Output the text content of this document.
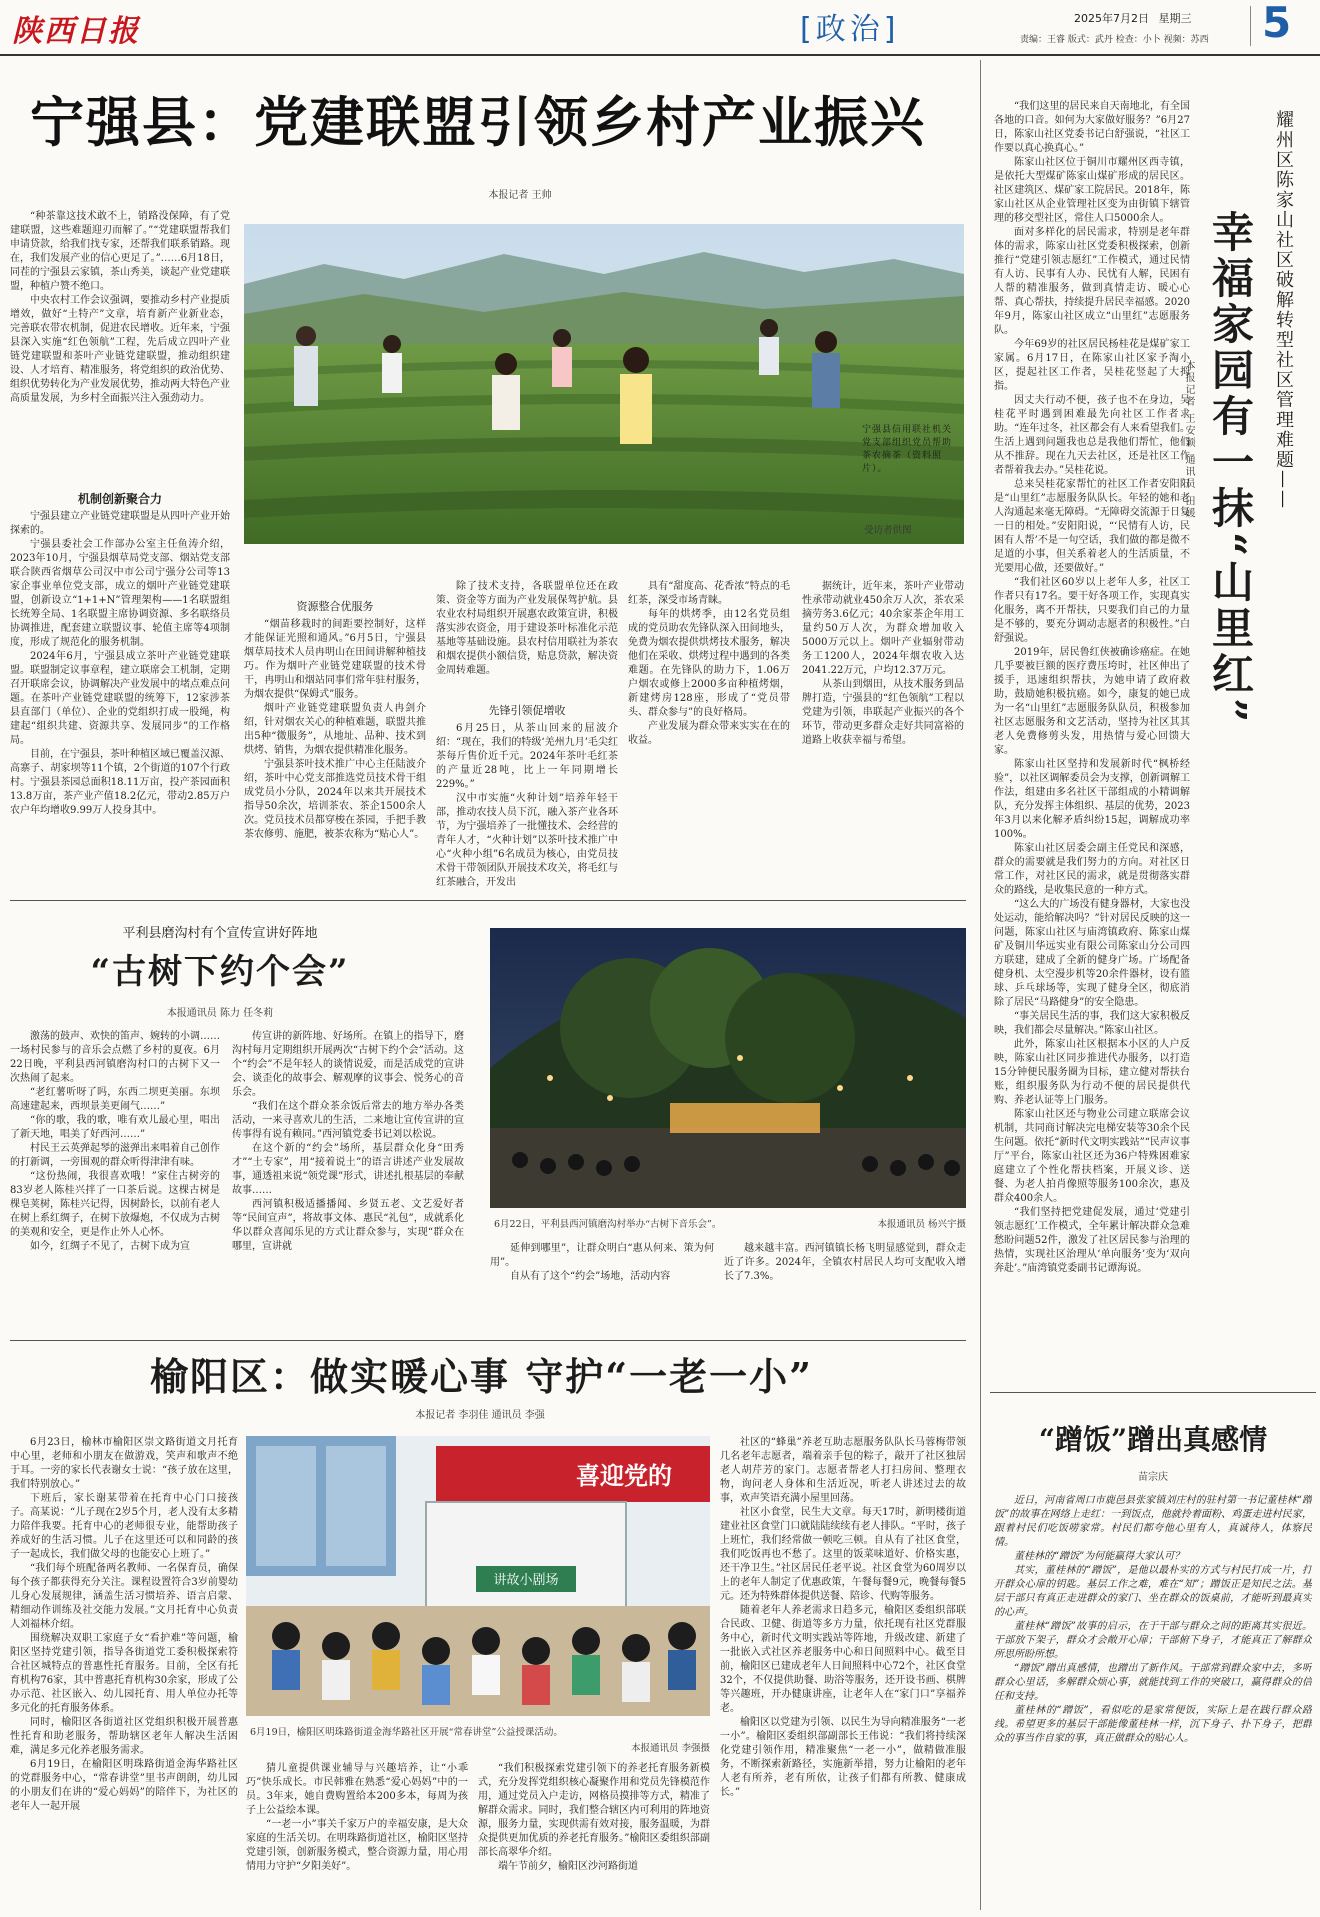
陕西日报	[政治]	2025年7月2日 星期三
责编：王睿 版式：武丹 检查：小卜 视频：苏西 5
宁强县：党建联盟引领乡村产业振兴
本报记者 王帅

“种茶靠这技术敢不上，销路没保障，有了党建联盟，这些难题迎刃而解了。”“党建联盟帮我们申请贷款，给我们找专家，还帮我们联系销路。现在，我们发展产业的信心更足了。”……6月18日，同茬的宁强县云家镇，茶山秀美，谈起产业党建联盟，种植户赞不绝口。

中央农村工作会议强调，要推动乡村产业提质增效，做好“土特产”文章，培育新产业新业态，完善联农带农机制，促进农民增收。近年来，宁强县深入实施“红色领航”工程，先后成立四叶产业链党建联盟和茶叶产业链党建联盟，推动组织建设、人才培育、精准服务，将党组织的政治优势、组织优势转化为产业发展优势，推动两大特色产业高质量发展，为乡村全面振兴注入强劲动力。

机制创新聚合力

宁强县建立产业链党建联盟是从四叶产业开始探索的。

宁强县委社会工作部办公室主任鱼涛介绍，2023年10月，宁强县烟草局党支部、烟站党支部联合陕西省烟草公司汉中市公司宁强分公司等13家企事业单位党支部，成立的烟叶产业链党建联盟，创新设立“1+1+N”管理架构——1名联盟组长统筹全局、1名联盟主席协调资源、多名联络员协调推进，配套建立联盟议事、轮值主席等4项制度，形成了规范化的服务机制。

2024年6月，宁强县成立茶叶产业链党建联盟。联盟制定议事章程，建立联席会工机制，定期召开联席会议，协调解决产业发展中的堵点难点问题。在茶叶产业链党建联盟的统筹下，12家涉茶县直部门（单位）、企业的党组织打成一股绳，构建起“组织共建、资源共享、发展同步”的工作格局。

目前，在宁强县，茶叶种植区域已覆盖汉源、高寨子、胡家坝等11个镇，2个街道的107个行政村。宁强县茶园总面积18.11万亩，投产茶园面积13.8万亩，茶产业产值18.2亿元，带动2.85万户农户年均增收9.99万人投身其中。

宁强县信用联社机关党支部组织党员帮助茶农摘茶（资料照片）。
受访者供图
资源整合优服务

“烟苗移栽时的间距要控制好，这样才能保证光照和通风。”6月5日，宁强县烟草局技术人员冉明山在田间讲解种植技巧。作为烟叶产业链党建联盟的技术骨干，冉明山和烟站同事们常年驻村服务，为烟农提供“保姆式”服务。

烟叶产业链党建联盟负责人冉剑介绍，针对烟农关心的种植难题，联盟共推出5种“微服务”，从地址、品种、技术到烘烤、销售，为烟农提供精准化服务。

宁强县茶叶技术推广中心主任陆波介绍，茶叶中心党支部推选党员技术骨干组成党员小分队，2024年以来共开展技术指导50余次，培训茶农、茶企1500余人次。党员技术员都穿梭在茶园，手把手教茶农修剪、施肥，被茶农称为“贴心人”。

除了技术支持，各联盟单位还在政策、资金等方面为产业发展保驾护航。县农业农村局组织开展惠农政策宣讲，积极落实涉农资金，用于建设茶叶标准化示范基地等基础设施。县农村信用联社为茶农和烟农提供小额信贷，贴息贷款，解决资金周转难题。

先锋引领促增收

6月25日，从茶山回来的屈波介绍：“现在，我们的特级‘羌州九月’毛尖红茶每斤售价近千元。2024年茶叶毛红茶的产量近28吨，比上一年同期增长229%。”

汉中市实施“火种计划”培养年轻干部，推动农技人员下沉，融入茶产业各环节，为宁强培养了一批懂技术、会经营的青年人才，“火种计划”以茶叶技术推广中心“火种小组”6名成员为核心，由党员技术骨干带领团队开展技术攻关，将毛红与红茶融合，开发出

具有“甜度高、花香浓”特点的毛红茶，深受市场青睐。

每年的烘烤季，由12名党员组成的党员助农先锋队深入田间地头，免费为烟农提供烘烤技术服务，解决他们在采收、烘烤过程中遇到的各类难题。在先锋队的助力下，1.06万户烟农或修上2000多亩种植烤烟，新建烤房128座，形成了“党员带头、群众参与”的良好格局。

产业发展为群众带来实实在在的收益。

据统计，近年来，茶叶产业带动性承带动就业450余万人次，茶农采摘劳务3.6亿元；40余家茶企年用工量约50万人次，为群众增加收入5000万元以上。烟叶产业辐射带动务工1200人，2024年烟农收入达2041.22万元，户均12.37万元。

从茶山到烟田，从技术服务到品牌打造，宁强县的“红色领航”工程以党建为引领，串联起产业振兴的各个环节，带动更多群众走好共同富裕的道路上收获幸福与希望。

平利县磨沟村有个宣传宣讲好阵地
“古树下约个会”
本报通讯员 陈力 任冬莉

激荡的鼓声、欢快的笛声、婉转的小调……一场村民参与的音乐会点燃了乡村的夏夜。6月22日晚，平利县西河镇磨沟村口的古树下又一次热闹了起来。

“老红薯听呀了吗，东西二坝更美丽。东坝高速建起来，西坝景美更闹气……”

“你的歌，我的歌，唯有欢儿最心里，唱出了新天地，唱美了好西河……”

村民王云英弹起琴的滋弹出来唱着自己创作的打新调，一旁围观的群众听得津津有味。

“这份热闹，我很喜欢哦！”家住古树旁的83岁老人陈桂兴拌了一口茶后说。这棵古树是棵皂荚树，陈桂兴记得，因树龄长，以前有老人在树上系红绸子，在树下放爆炮，不仅成为古树的美观和安全，更是作止外人心怀。

如今，红绸子不见了，古树下成为宣

传宣讲的新阵地、好场所。在镇上的指导下，磨沟村每月定期组织开展两次“古树下约个会”活动。这个“约会”不是年轻人的谈情说爱，而是活成党的宣讲会、谈歪化的故事会、解观摩的议事会、悦务心的音乐会。

“我们在这个群众茶余饭后常去的地方举办各类活动，一来寻喜欢儿的生活，二来地让宣传宣讲的宣传事得有说有赖同。”西河镇党委书记刘以松说。

在这个新的“约会”场所，基层群众化身“田秀才”“土专家”，用“接着说土”的语言讲述产业发展故事，通透祖来说“领党课”形式，讲述扎根基层的奉献故事……

西河镇积极适播播闻、乡贤五老、文艺爱好者等“民间宣声”，将故事文体、惠民“礼包”，成就系化华以群众喜闻乐见的方式让群众参与，实现“群众在哪里，宣讲就

6月22日，平利县西河镇磨沟村举办“古树下音乐会”。	本报通讯员 杨兴宇摄

延伸到哪里”，让群众明白“惠从何来、策为何用”。

自从有了这个“约会”场地，活动内容

越来越丰富。西河镇镇长杨飞明显感觉到，群众走近了许多。2024年，全镇农村居民人均可支配收入增长了7.3%。

榆阳区：做实暖心事 守护“一老一小”
本报记者 李羽佳 通讯员 李强

6月23日，榆林市榆阳区崇文路街道文月托育中心里，老师和小朋友在做游戏，笑声和歌声不绝于耳。一旁的家长代表谢女士说：“孩子放在这里，我们特别放心。”

下班后，家长谢某带着在托育中心门口接孩子。高某说：“儿子现在2岁5个月，老人没有太多精力陪伴我要。托育中心的老师很专业，能帮助孩子养成好的生活习惯。儿子在这里还可以和同龄的孩子一起成长，我们做父母的也能安心上班了。”

“我们每个班配备两名教师、一名保育员，确保每个孩子都获得充分关注。课程设置符合3岁前婴幼儿身心发展规律，涵盖生活习惯培养、语言启蒙、精细动作训练及社交能力发展。”文月托育中心负责人刘福林介绍。

围绕解决双职工家庭子女“看护难”等问题，榆阳区坚持党建引领，指导各街道党工委积极探索符合社区城特点的普惠性托育服务。目前，全区有托育机构76家，其中普惠托育机构30余家，形成了公办示范、社区嵌入、幼儿园托育、用人单位办托等多元化的托育服务体系。

同时，榆阳区各街道社区党组织积极开展普惠性托育和助老服务，帮助辖区老年人解决生活困难，满足多元化养老服务需求。

6月19日，在榆阳区明珠路街道金海华路社区的党群服务中心，“常春讲堂”里书声朗朗，幼儿园的小朋友们在讲的“爱心妈妈”的陪伴下，为社区的老年人一起开展

喜迎党的
讲故小剧场
6月19日，榆阳区明珠路街道金海华路社区开展“常春讲堂”公益授课活动。
本报通讯员 李强摄

猜儿童提供课业辅导与兴趣培养，让“小乖巧”快乐成长。市民韩雅在熟悉“爱心妈妈”中的一员。3年来，她自费购置给本200多本，每周为孩子上公益绘本课。

“一老一小”事关千家万户的幸福安康，是大众家庭的生活关切。在明珠路街道社区，榆阳区坚持党建引领，创新服务模式，整合资源力量，用心用情用力守护“夕阳美好”。

“我们积极探索党建引领下的养老托育服务新模式，充分发挥党组织核心凝聚作用和党员先锋模范作用，通过党员入户走访，网格员摸排等方式，精准了解群众需求。同时，我们整合辖区内可利用的阵地资源，服务力量，实现供需有效对接，服务温暖，为群众提供更加优质的养老托育服务。”榆阳区委组织部副部长高翠华介绍。

端午节前夕，榆阳区沙河路街道

社区的“蜂巢”养老互助志愿服务队队长马蓉梅带领几名老年志愿者，端着亲手包的粽子，敲开了社区独居老人胡芹芳的家门。志愿者帮老人打扫房间、整理衣物，询问老人身体和生活近况，听老人讲述过去的故事，欢声笑语充满小屋里回荡。

社区小食堂，民生大文章。每天17时，新明楼街道建业社区食堂门口就陆陆续续有老人排队。“平时，孩子上班忙，我们经常做一顿吃三顿。自从有了社区食堂，我们吃饭再也不愁了。这里的饭菜味道好、价格实惠，还干净卫生。”社区居民任老平说。社区食堂为60周岁以上的老年人制定了优惠政策，午餐每餐9元，晚餐每餐5元。还为特殊群体提供送餐、陪诊、代购等服务。

随着老年人养老需求日趋多元，榆阳区委组织部联合民政、卫健、街道等多方力量，依托现有社区党群服务中心，新时代文明实践站等阵地，升级改建、新建了一批嵌入式社区养老服务中心和日间照料中心。截至目前，榆阳区已建成老年人日间照料中心72个，社区食堂32个，不仅提供助餐、助浴等服务，还开设书画、棋牌等兴趣班，开办健康讲座，让老年人在“家门口”享福养老。

榆阳区以党建为引领、以民生为导向精准服务“一老一小”。榆阳区委组织部副部长王伟说：“我们将持续深化党建引领作用，精准聚焦“一老一小”，做精做准服务，不断探索新路径，实施新举措，努力让榆阳的老年人老有所养，老有所依，让孩子们都有所教、健康成长。”

“我们这里的居民来自天南地北，有全国各地的口音。如何为大家做好服务？”6月27日，陈家山社区党委书记白舒强说，“社区工作要以真心换真心。”

陈家山社区位于铜川市耀州区西寺镇，是依托大型煤矿陈家山煤矿形成的居民区。社区建筑区、煤矿家工院居民。2018年，陈家山社区从企业管理社区变为由街镇下辖管理的移交型社区，常住人口5000余人。

面对多样化的居民需求，特别是老年群体的需求，陈家山社区党委积极探索，创新推行“党建引领志愿红”工作模式，通过民情有人访、民事有人办、民忧有人解，民困有人帮的精准服务，做到真情走访、暖心心帮、真心帮扶，持续提升居民幸福感。2020年9月，陈家山社区成立“山里红”志愿服务队。

今年69岁的社区居民杨桂花是煤矿家工家属。6月17日，在陈家山社区家予淘小区，提起社区工作者，吴桂花竖起了大拇指。

因丈夫行动不便，孩子也不在身边，吴桂花平时遇到困难最先向社区工作者求助。“连年过冬，社区都会有人来看望我们。生活上遇到问题我也总是我他们帮忙，他们从不推辞。现在九天去社区，还是社区工作者帮着我去办。”吴桂花说。

总来吴桂花家帮忙的社区工作者安阳阳是“山里红”志愿服务队队长。年轻的她和老人沟通起来毫无障碍。“无障碍交流源于日复一日的相处。”安阳阳说，“‘民情有人访，民困有人帮’不是一句空话，我们做的都是微不足道的小事，但关系着老人的生活质量，不光要用心做，还要做好。”

“我们社区60岁以上老年人多，社区工作者只有17名。要干好各项工作，实现真实化服务，离不开帮扶，只要我们自己的力量是不够的，要充分调动志愿者的积极性。”白舒强说。

2019年，居民鲁红侠被确诊癌症。在她几乎要被巨额的医疗费压垮时，社区伸出了援手，迅速组织帮扶，为她申请了政府救助，鼓励她积极抗癌。如今，康复的她已成为一名“山里红”志愿服务队队员，积极参加社区志愿服务和文艺活动，坚持为社区其其老人免费修剪头发，用热情与爱心回馈大家。

陈家山社区坚持和发展新时代“枫桥经验”，以社区调解委员会为支撑，创新调解工作法，组建由多名社区干部组成的小精调解队，充分发挥主体组织、基层的优势，2023年3月以来化解矛盾纠纷15起，调解成功率100%。

陈家山社区居委会副主任党民和深感，群众的需要就是我们努力的方向。对社区日常工作，对社区民的需求，就是贯彻落实群众的路线，是收集民意的一种方式。

“这么大的广场没有健身器材，大家也没处运动，能给解决吗？”针对居民反映的这一问题，陈家山社区与庙湾镇政府、陈家山煤矿及铜川华远实业有限公司陈家山分公司四方联建，建成了全新的健身广场。广场配备健身机、太空漫步机等20余件器材，设有篮球、乒乓球场等，实现了健身全区，彻底消除了居民“马路健身”的安全隐患。

“事关居民生活的事，我们这大家积极反映，我们都会尽量解决。”陈家山社区。

此外，陈家山社区根据本小区的人户反映，陈家山社区同步推进代办服务，以打造15分钟便民服务圈为目标，建立健对帮扶台账，组织服务队为行动不便的居民提供代购、养老认证等上门服务。

陈家山社区还与物业公司建立联席会议机制，共同商讨解决完电梯安装等30余个民生问题。依托“新时代文明实践站”“民声议事厅”平台，陈家山社区还为36户特殊困难家庭建立了个性化帮扶档案，开展义诊、送餐、为老人拍肖像照等服务100余次，惠及群众400余人。

“我们坚持把党建促发展，通过‘党建引领志愿红’工作模式，全年累计解决群众急难愁盼问题52件，激发了社区居民参与治理的热情，实现社区治理从‘单向服务’变为‘双向奔赴’。”庙湾镇党委副书记谭海说。

耀州区陈家山社区破解转型社区管理难题——
幸福家园有一抹“山里红”
本报记者 王安颖 通讯员 田媛
“蹭饭”蹭出真感情
苗宗庆

近日，河南省周口市鹿邑县张家镇刘庄村的驻村第一书记董桂林“蹭饭”的故事在网络上走红：一到饭点，他就拎着面粉、鸡蛋走进村民家，跟着村民们吃饭唠家常。村民们都夸他心里有人，真诚待人，体察民情。

董桂林的“蹭饭”为何能赢得大家认可？

其实，董桂林的“蹭饭”，是他以最朴实的方式与村民打成一片，打开群众心扉的钥匙。基层工作之难，难在“知”；蹭饭正是知民之法。基层干部只有真正走进群众的家门、坐在群众的饭桌前，才能听到最真实的心声。

董桂林“蹭饭”故事的启示，在于干部与群众之间的距离其实很近。干部放下架子，群众才会敞开心扉；干部俯下身子，才能真正了解群众所思所盼所想。

“蹭饭”蹭出真感情，也蹭出了新作风。干部常到群众家中去，多听群众心里话，多解群众烦心事，就能找到工作的突破口，赢得群众的信任和支持。

董桂林的“蹭饭”，看似吃的是家常便饭，实际上是在践行群众路线。希望更多的基层干部能像董桂林一样，沉下身子、扑下身子，把群众的事当作自家的事，真正做群众的贴心人。
